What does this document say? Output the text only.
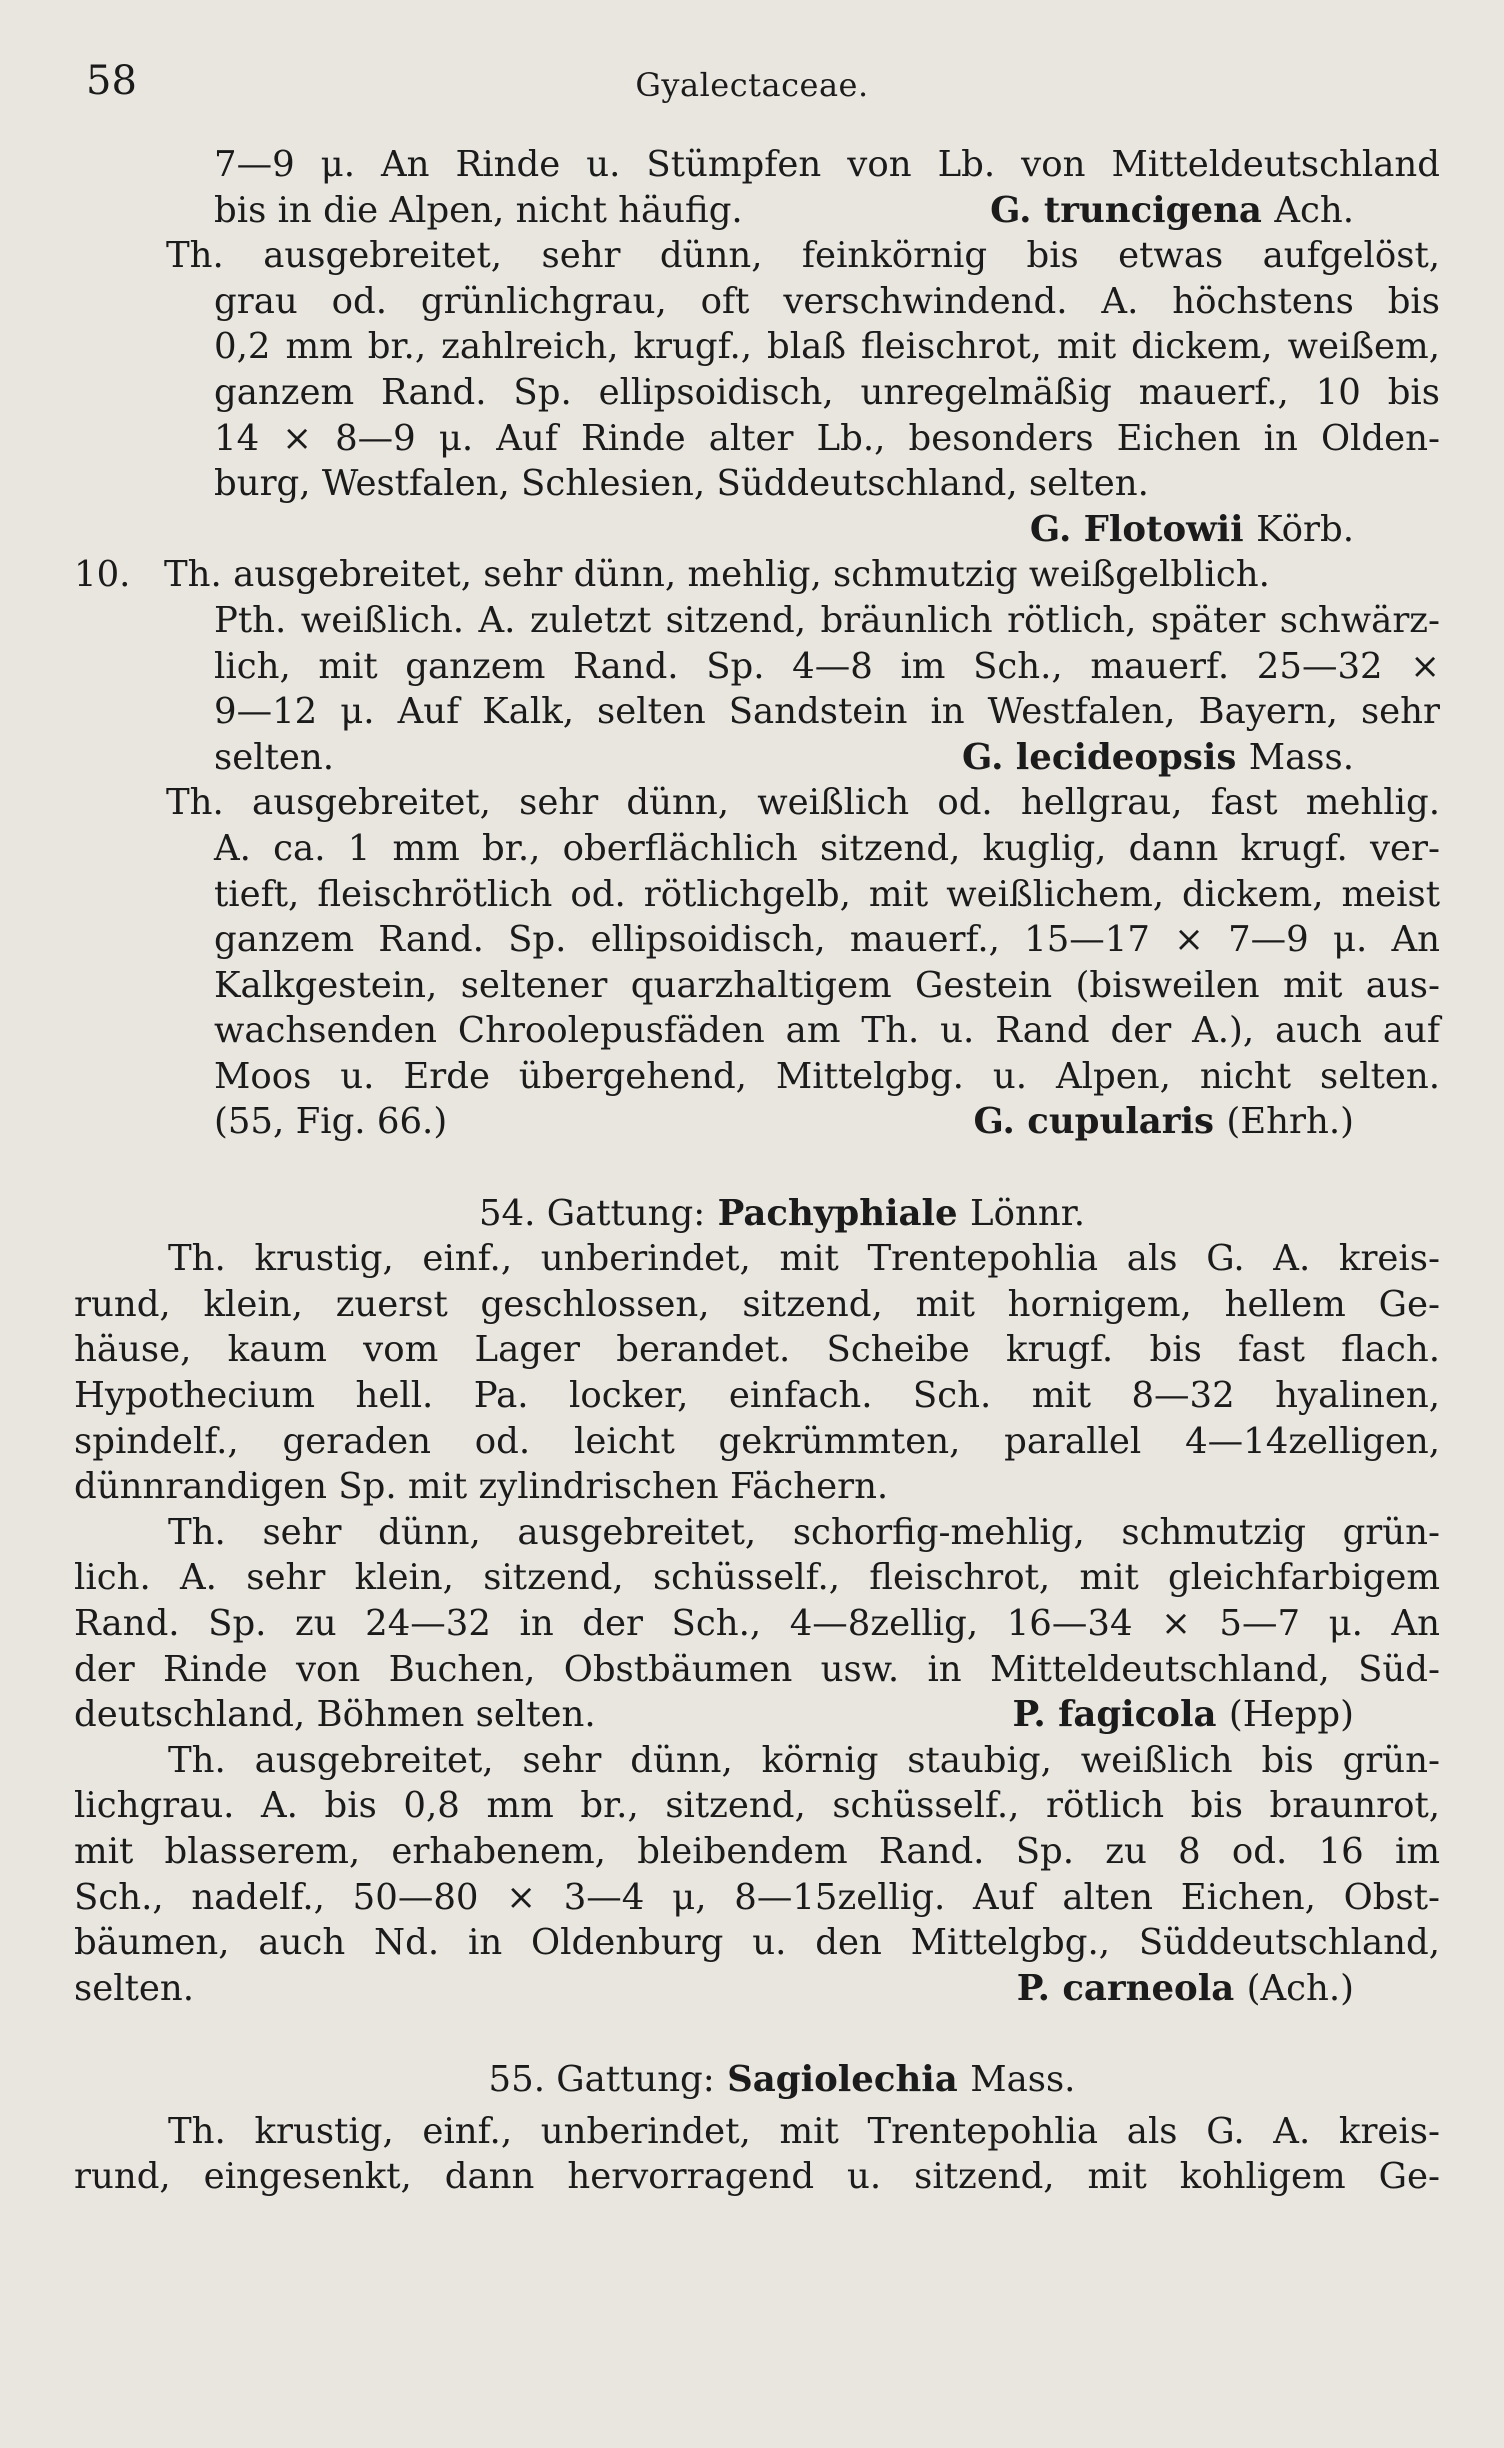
58	Gyalectaceae.
7—9 μ. An Rinde u. Stümpfen von Lb. von Mitteldeutschland
bis in die Alpen, nicht häufig.	G. truncigena Ach.
Th. ausgebreitet, sehr dünn, feinkörnig bis etwas aufgelöst,
grau od. grünlichgrau, oft verschwindend. A. höchstens bis
0,2 mm br., zahlreich, krugf., blaß fleischrot, mit dickem, weißem,
ganzem Rand. Sp. ellipsoidisch, unregelmäßig mauerf., 10 bis
14 × 8—9 μ. Auf Rinde alter Lb., besonders Eichen in Olden-
burg, Westfalen, Schlesien, Süddeutschland, selten.
G. Flotowii Körb.
10. Th. ausgebreitet, sehr dünn, mehlig, schmutzig weißgelblich.
Pth. weißlich. A. zuletzt sitzend, bräunlich rötlich, später schwärz-
lich, mit ganzem Rand. Sp. 4—8 im Sch., mauerf. 25—32 ×
9—12 μ. Auf Kalk, selten Sandstein in Westfalen, Bayern, sehr
selten.	G. lecideopsis Mass.
Th. ausgebreitet, sehr dünn, weißlich od. hellgrau, fast mehlig.
A. ca. 1 mm br., oberflächlich sitzend, kuglig, dann krugf. ver-
tieft, fleischrötlich od. rötlichgelb, mit weißlichem, dickem, meist
ganzem Rand. Sp. ellipsoidisch, mauerf., 15—17 × 7—9 μ. An
Kalkgestein, seltener quarzhaltigem Gestein (bisweilen mit aus-
wachsenden Chroolepusfäden am Th. u. Rand der A.), auch auf
Moos u. Erde übergehend, Mittelgbg. u. Alpen, nicht selten.
(55, Fig. 66.)	G. cupularis (Ehrh.)
54. Gattung: Pachyphiale Lönnr.
Th. krustig, einf., unberindet, mit Trentepohlia als G. A. kreis-
rund, klein, zuerst geschlossen, sitzend, mit hornigem, hellem Ge-
häuse, kaum vom Lager berandet. Scheibe krugf. bis fast flach.
Hypothecium hell. Pa. locker, einfach. Sch. mit 8—32 hyalinen,
spindelf., geraden od. leicht gekrümmten, parallel 4—14zelligen,
dünnrandigen Sp. mit zylindrischen Fächern.
Th. sehr dünn, ausgebreitet, schorfig-mehlig, schmutzig grün-
lich. A. sehr klein, sitzend, schüsself., fleischrot, mit gleichfarbigem
Rand. Sp. zu 24—32 in der Sch., 4—8zellig, 16—34 × 5—7 μ. An
der Rinde von Buchen, Obstbäumen usw. in Mitteldeutschland, Süd-
deutschland, Böhmen selten.	P. fagicola (Hepp)
Th. ausgebreitet, sehr dünn, körnig staubig, weißlich bis grün-
lichgrau. A. bis 0,8 mm br., sitzend, schüsself., rötlich bis braunrot,
mit blasserem, erhabenem, bleibendem Rand. Sp. zu 8 od. 16 im
Sch., nadelf., 50—80 × 3—4 μ, 8—15zellig. Auf alten Eichen, Obst-
bäumen, auch Nd. in Oldenburg u. den Mittelgbg., Süddeutschland,
selten.	P. carneola (Ach.)
55. Gattung: Sagiolechia Mass.
Th. krustig, einf., unberindet, mit Trentepohlia als G. A. kreis-
rund, eingesenkt, dann hervorragend u. sitzend, mit kohligem Ge-
